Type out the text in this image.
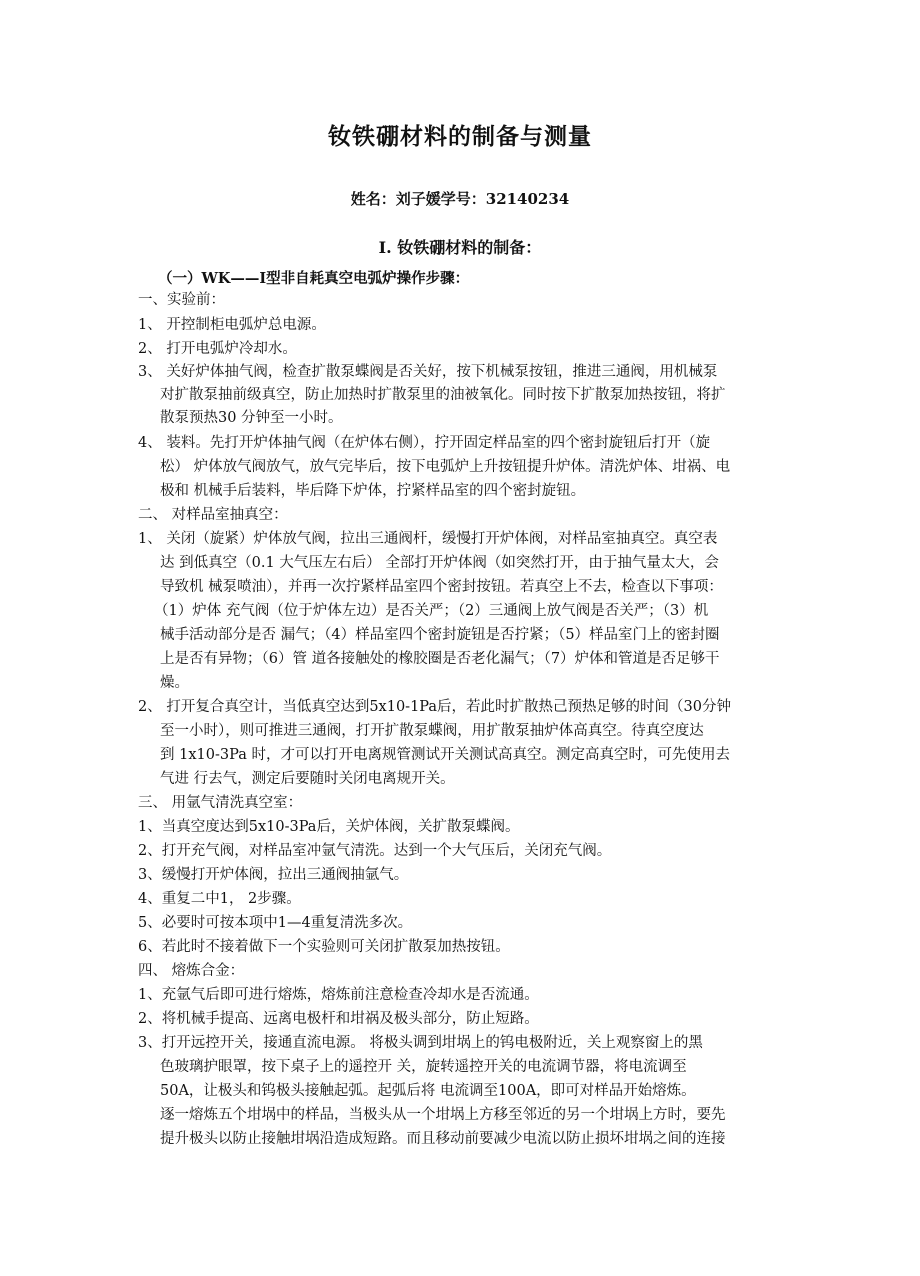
钕铁硼材料的制备与测量
姓名：刘子媛学号：32140234
I. 钕铁硼材料的制备：
（一）WK——I型非自耗真空电弧炉操作步骤：
一、实验前：
1、 开控制柜电弧炉总电源。
2、 打开电弧炉冷却水。
3、 关好炉体抽气阀，检查扩散泵蝶阀是否关好，按下机械泵按钮，推进三通阀，用机械泵
对扩散泵抽前级真空，防止加热时扩散泵里的油被氧化。同时按下扩散泵加热按钮，将扩
散泵预热30 分钟至一小时。
4、 装料。先打开炉体抽气阀（在炉体右侧），拧开固定样品室的四个密封旋钮后打开（旋
松） 炉体放气阀放气，放气完毕后，按下电弧炉上升按钮提升炉体。清洗炉体、坩祸、电
极和 机械手后装料，毕后降下炉体，拧紧样品室的四个密封旋钮。
二、 对样品室抽真空：
1、 关闭（旋紧）炉体放气阀，拉出三通阀杆，缓慢打开炉体阀，对样品室抽真空。真空表
达 到低真空（0.1 大气压左右后） 全部打开炉体阀（如突然打开，由于抽气量太大，会
导致机 械泵喷油），并再一次拧紧样品室四个密封按钮。若真空上不去，检查以下事项：
（1）炉体 充气阀（位于炉体左边）是否关严；（2）三通阀上放气阀是否关严；（3）机
械手活动部分是否 漏气；（4）样品室四个密封旋钮是否拧紧；（5）样品室门上的密封圈
上是否有异物；（6）管 道各接触处的橡胶圈是否老化漏气；（7）炉体和管道是否足够干
燥。
2、 打开复合真空计，当低真空达到5x10-1Pa后，若此时扩散热己预热足够的时间（30分钟
至一小时），则可推进三通阀，打开扩散泵蝶阀，用扩散泵抽炉体高真空。待真空度达
到 1x10-3Pa 时，才可以打开电离规管测试开关测试高真空。测定高真空时，可先使用去
气进 行去气，测定后要随时关闭电离规开关。
三、 用氩气清洗真空室：
1、当真空度达到5x10-3Pa后，关炉体阀，关扩散泵蝶阀。
2、打开充气阀，对样品室冲氩气清洗。达到一个大气压后，关闭充气阀。
3、缓慢打开炉体阀，拉出三通阀抽氩气。
4、重复二中1， 2步骤。
5、必要时可按本项中1—4重复清洗多次。
6、若此时不接着做下一个实验则可关闭扩散泵加热按钮。
四、 熔炼合金：
1、充氩气后即可进行熔炼，熔炼前注意检查冷却水是否流通。
2、将机械手提高、远离电极杆和坩祸及极头部分，防止短路。
3、打开远控开关，接通直流电源。 将极头调到坩埚上的钨电极附近，关上观察窗上的黑
色玻璃护眼罩，按下桌子上的遥控开 关，旋转遥控开关的电流调节器，将电流调至
50A，让极头和钨极头接触起弧。起弧后将 电流调至100A，即可对样品开始熔炼。
逐一熔炼五个坩埚中的样品，当极头从一个坩埚上方移至邻近的另一个坩埚上方时，要先
提升极头以防止接触坩埚沿造成短路。而且移动前要减少电流以防止损坏坩埚之间的连接
